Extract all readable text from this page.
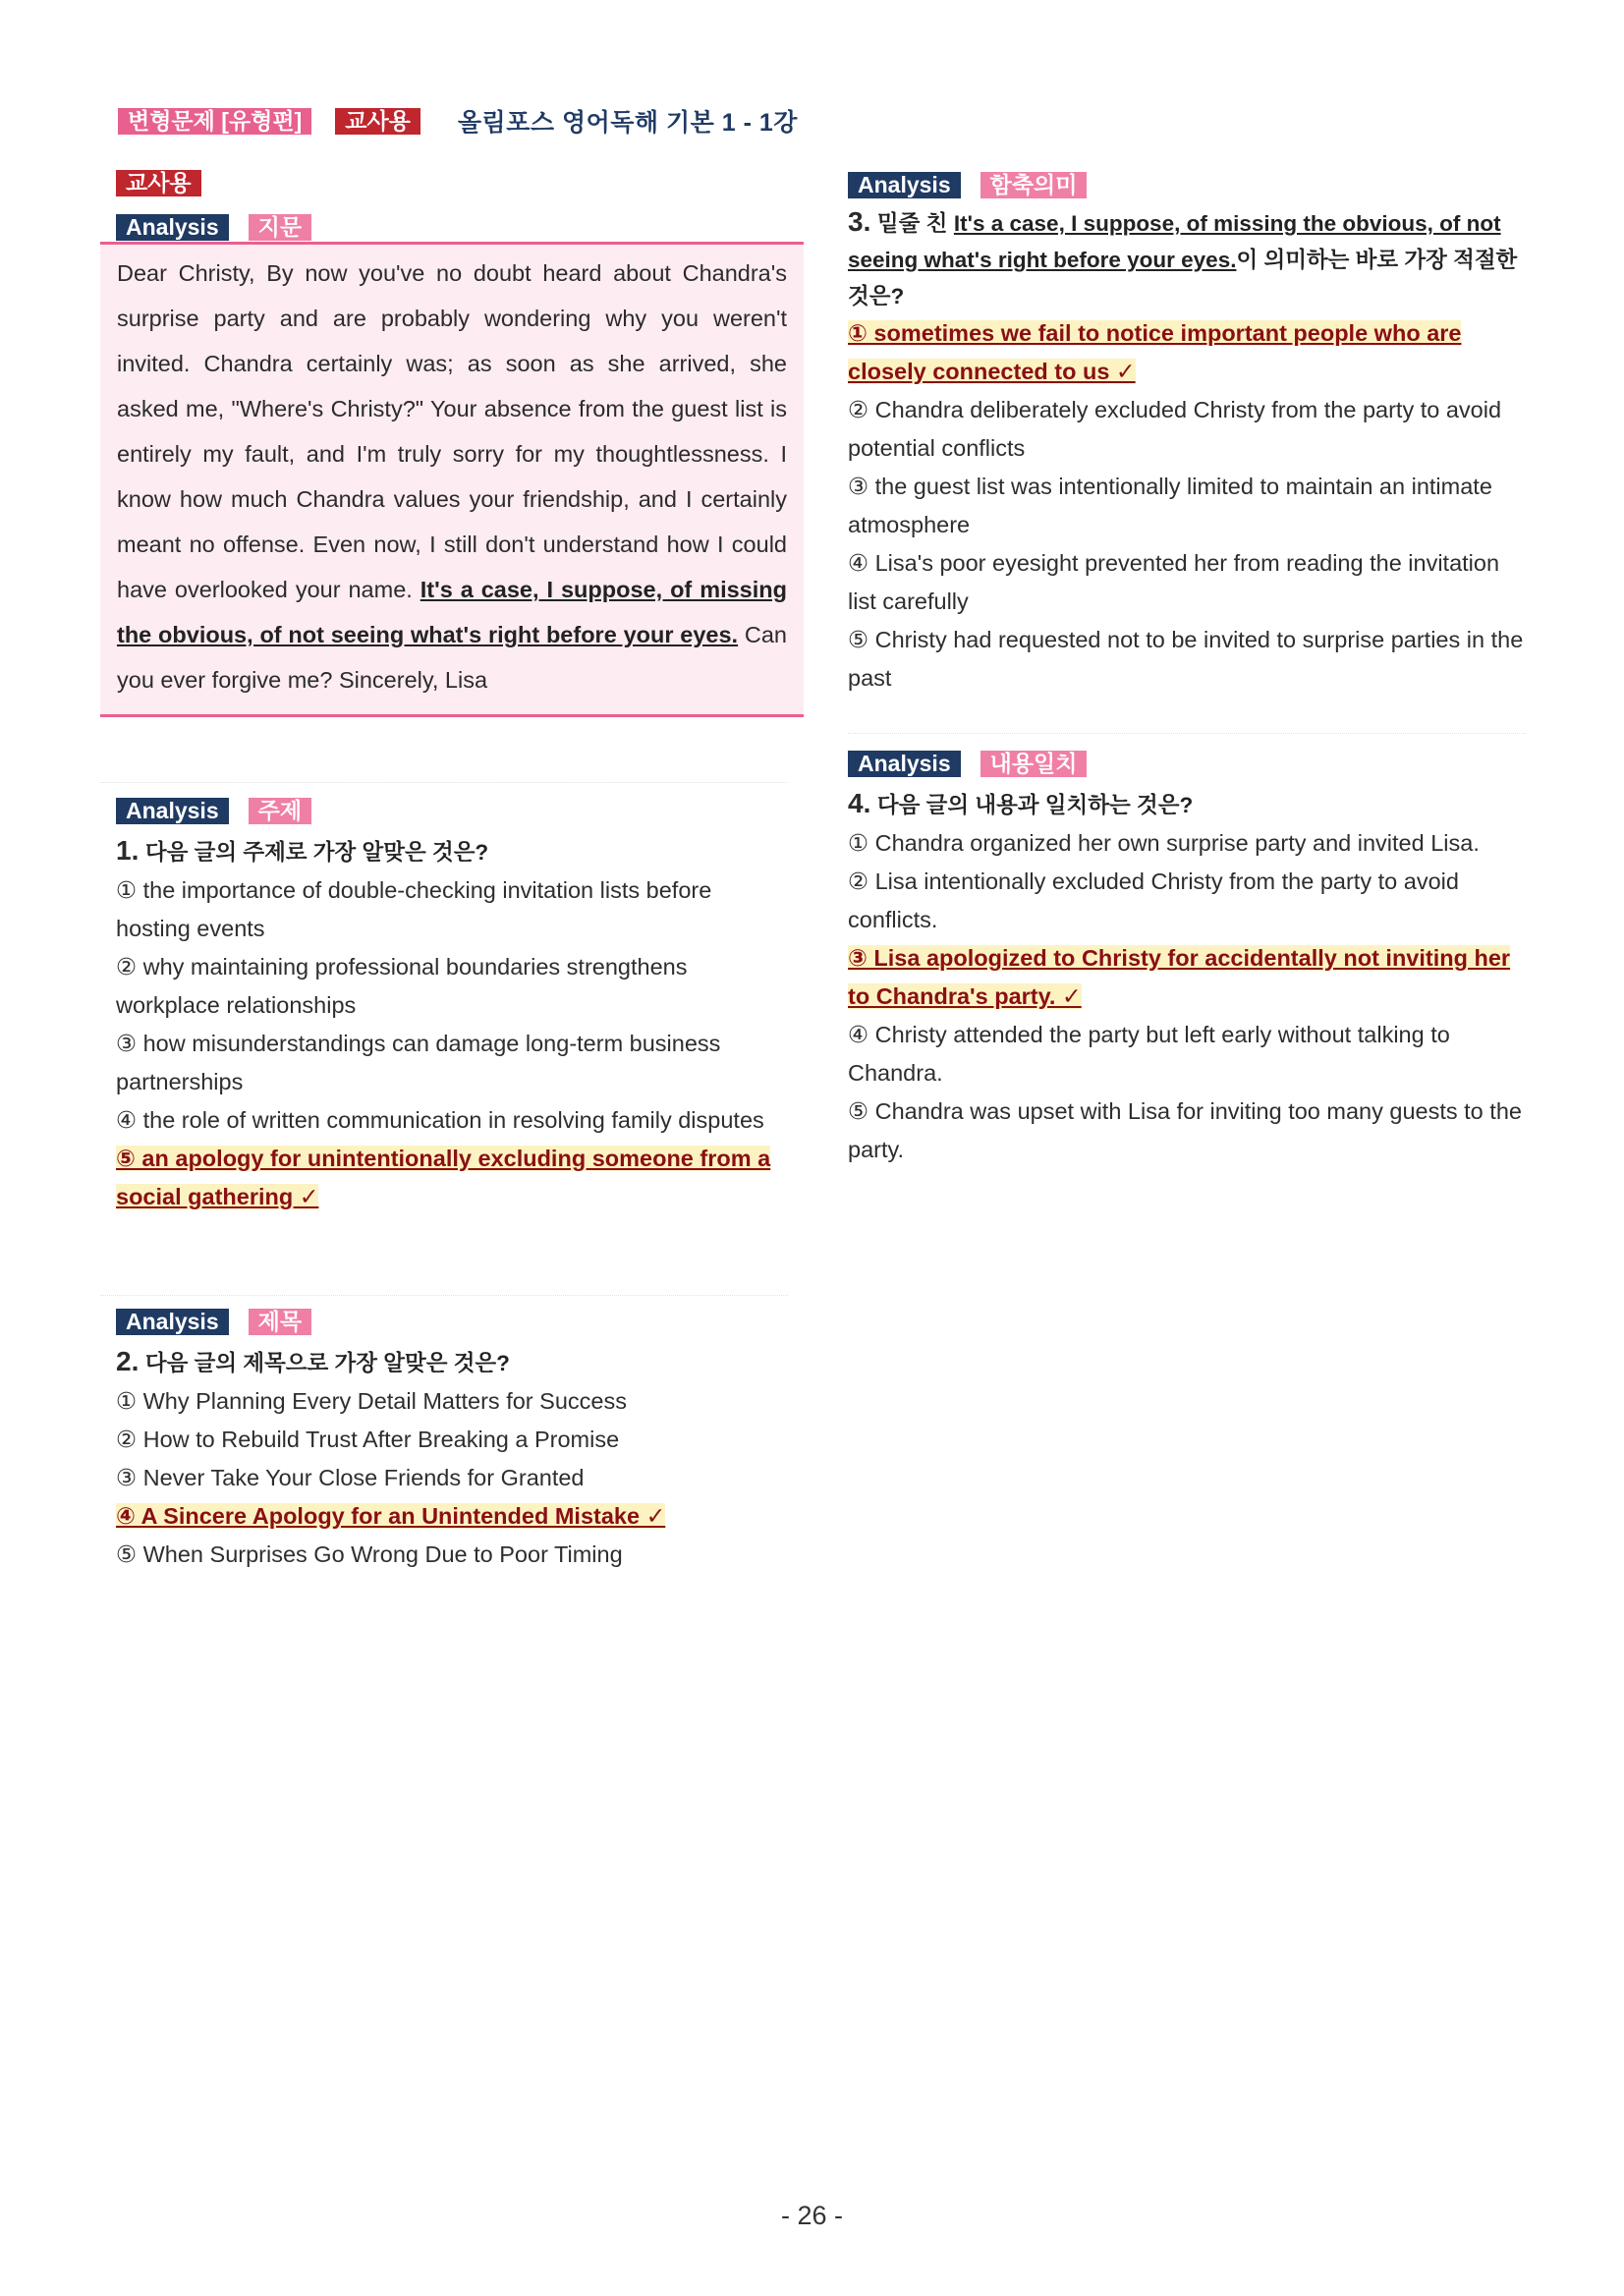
변형문제 [유형편]	교사용	올림포스 영어독해 기본 1 - 1강
교사용
Analysis	지문
Dear Christy, By now you've no doubt heard about Chandra's surprise party and are probably wondering why you weren't invited. Chandra certainly was; as soon as she arrived, she asked me, "Where's Christy?" Your absence from the guest list is entirely my fault, and I'm truly sorry for my thoughtlessness. I know how much Chandra values your friendship, and I certainly meant no offense. Even now, I still don't understand how I could have overlooked your name. It's a case, I suppose, of missing the obvious, of not seeing what's right before your eyes. Can you ever forgive me? Sincerely, Lisa
Analysis	주제
1. 다음 글의 주제로 가장 알맞은 것은?
① the importance of double-checking invitation lists before hosting events
② why maintaining professional boundaries strengthens workplace relationships
③ how misunderstandings can damage long-term business partnerships
④ the role of written communication in resolving family disputes
⑤ an apology for unintentionally excluding someone from a social gathering ✓
Analysis	제목
2. 다음 글의 제목으로 가장 알맞은 것은?
① Why Planning Every Detail Matters for Success
② How to Rebuild Trust After Breaking a Promise
③ Never Take Your Close Friends for Granted
④ A Sincere Apology for an Unintended Mistake ✓
⑤ When Surprises Go Wrong Due to Poor Timing
Analysis	함축의미
3. 밑줄 친 It's a case, I suppose, of missing the obvious, of not seeing what's right before your eyes.이 의미하는 바로 가장 적절한 것은?
① sometimes we fail to notice important people who are closely connected to us ✓
② Chandra deliberately excluded Christy from the party to avoid potential conflicts
③ the guest list was intentionally limited to maintain an intimate atmosphere
④ Lisa's poor eyesight prevented her from reading the invitation list carefully
⑤ Christy had requested not to be invited to surprise parties in the past
Analysis	내용일치
4. 다음 글의 내용과 일치하는 것은?
① Chandra organized her own surprise party and invited Lisa.
② Lisa intentionally excluded Christy from the party to avoid conflicts.
③ Lisa apologized to Christy for accidentally not inviting her to Chandra's party. ✓
④ Christy attended the party but left early without talking to Chandra.
⑤ Chandra was upset with Lisa for inviting too many guests to the party.
- 26 -
